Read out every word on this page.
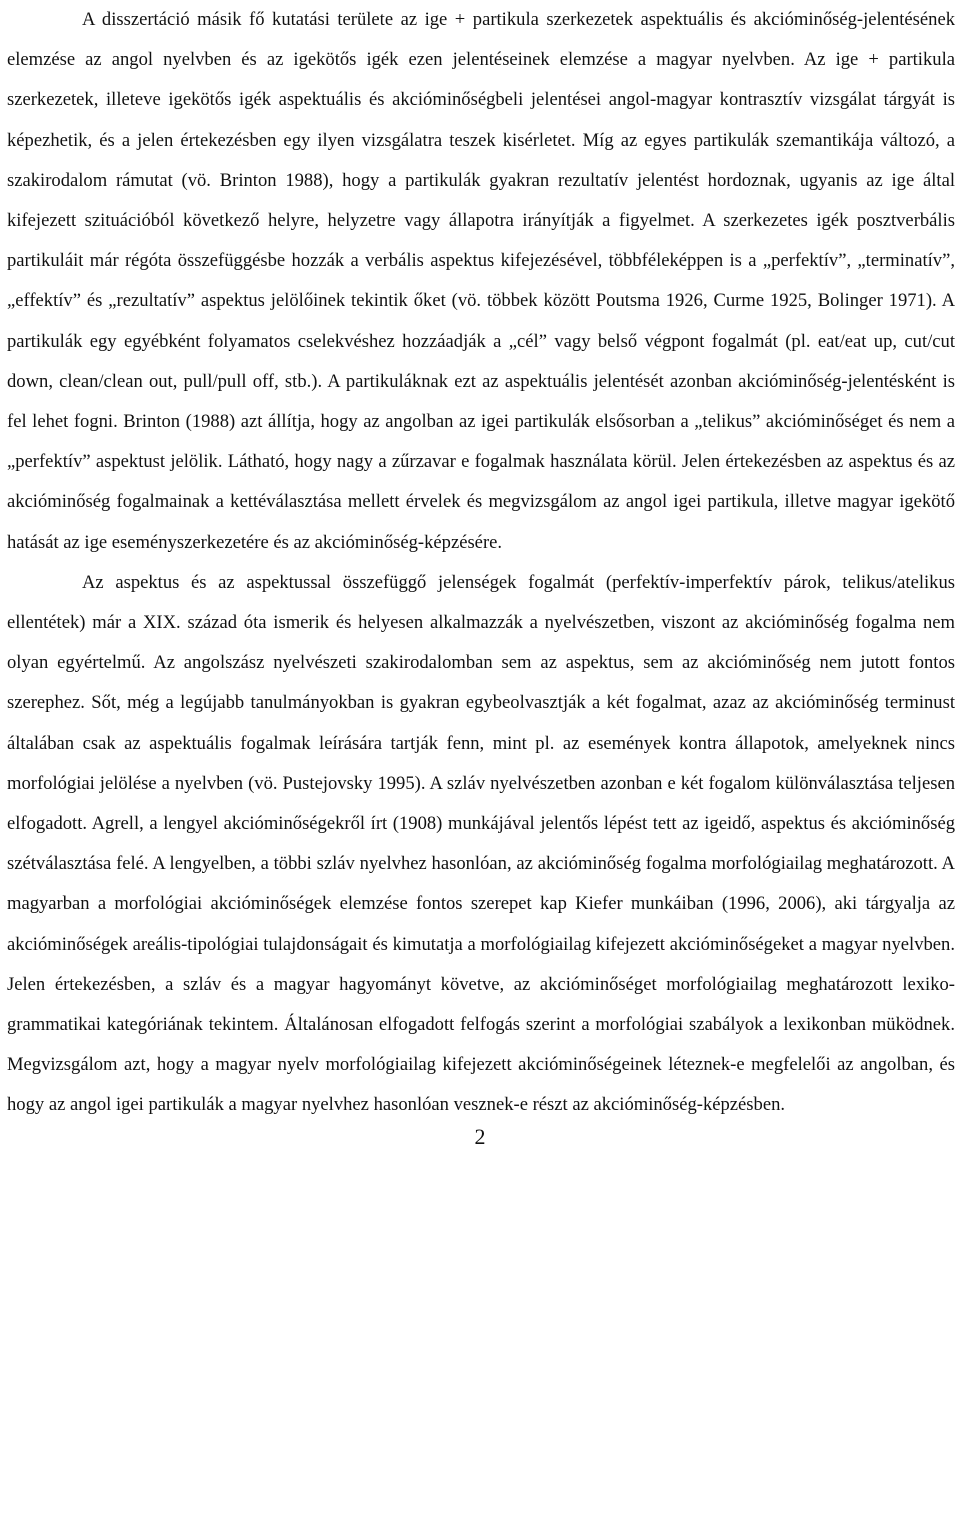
A disszertáció másik fő kutatási területe az ige + partikula szerkezetek aspektuális és akcióminőség-jelentésének elemzése az angol nyelvben és az igekötős igék ezen jelentéseinek elemzése a magyar nyelvben. Az ige + partikula szerkezetek, illeteve igekötős igék aspektuális és akcióminőségbeli jelentései angol-magyar kontrasztív vizsgálat tárgyát is képezhetik, és a jelen értekezésben egy ilyen vizsgálatra teszek kisérletet. Míg az egyes partikulák szemantikája változó, a szakirodalom rámutat (vö. Brinton 1988), hogy a partikulák gyakran rezultatív jelentést hordoznak, ugyanis az ige által kifejezett szituációból következő helyre, helyzetre vagy állapotra irányítják a figyelmet. A szerkezetes igék posztverbális partikuláit már régóta összefüggésbe hozzák a verbális aspektus kifejezésével, többféleképpen is a „perfektív”, „terminatív”, „effektív” és „rezultatív” aspektus jelölőinek tekintik őket (vö. többek között Poutsma 1926, Curme 1925, Bolinger 1971). A partikulák egy egyébként folyamatos cselekvéshez hozzáadják a „cél” vagy belső végpont fogalmát (pl. eat/eat up, cut/cut down, clean/clean out, pull/pull off, stb.). A partikuláknak ezt az aspektuális jelentését azonban akcióminőség-jelentésként is fel lehet fogni. Brinton (1988) azt állítja, hogy az angolban az igei partikulák elsősorban a „telikus” akcióminőséget és nem a „perfektív” aspektust jelölik. Látható, hogy nagy a zűrzavar e fogalmak használata körül. Jelen értekezésben az aspektus és az akcióminőség fogalmainak a kettéválasztása mellett érvelek és megvizsgálom az angol igei partikula, illetve magyar igekötő hatását az ige eseményszerkezetére és az akcióminőség-képzésére.

Az aspektus és az aspektussal összefüggő jelenségek fogalmát (perfektív-imperfektív párok, telikus/atelikus ellentétek) már a XIX. század óta ismerik és helyesen alkalmazzák a nyelvészetben, viszont az akcióminőség fogalma nem olyan egyértelmű. Az angolszász nyelvészeti szakirodalomban sem az aspektus, sem az akcióminőség nem jutott fontos szerephez. Sőt, még a legújabb tanulmányokban is gyakran egybeolvasztják a két fogalmat, azaz az akcióminőség terminust általában csak az aspektuális fogalmak leírására tartják fenn, mint pl. az események kontra állapotok, amelyeknek nincs morfológiai jelölése a nyelvben (vö. Pustejovsky 1995). A szláv nyelvészetben azonban e két fogalom különválasztása teljesen elfogadott. Agrell, a lengyel akcióminőségekről írt (1908) munkájával jelentős lépést tett az igeidő, aspektus és akcióminőség szétválasztása felé. A lengyelben, a többi szláv nyelvhez hasonlóan, az akcióminőség fogalma morfológiailag meghatározott. A magyarban a morfológiai akcióminőségek elemzése fontos szerepet kap Kiefer munkáiban (1996, 2006), aki tárgyalja az akcióminőségek areális-tipológiai tulajdonságait és kimutatja a morfológiailag kifejezett akcióminőségeket a magyar nyelvben. Jelen értekezésben, a szláv és a magyar hagyományt követve, az akcióminőséget morfológiailag meghatározott lexiko-grammatikai kategóriának tekintem. Általánosan elfogadott felfogás szerint a morfológiai szabályok a lexikonban müködnek. Megvizsgálom azt, hogy a magyar nyelv morfológiailag kifejezett akcióminőségeinek léteznek-e megfelelői az angolban, és hogy az angol igei partikulák a magyar nyelvhez hasonlóan vesznek-e részt az akcióminőség-képzésben.

2
